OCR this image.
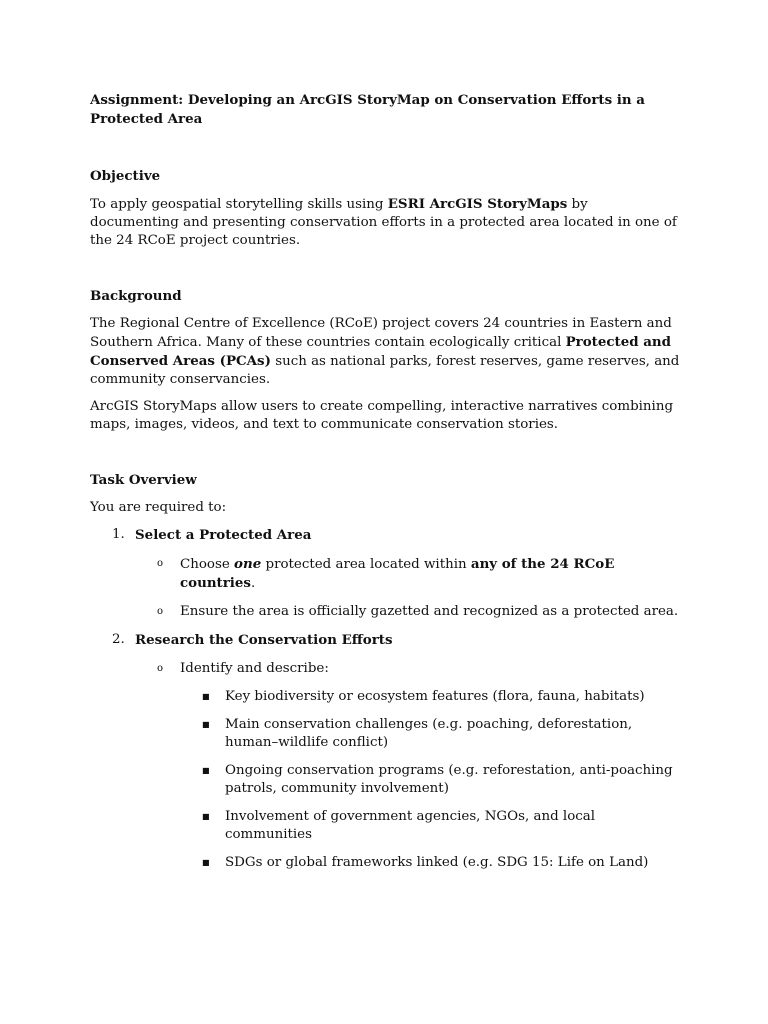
Assignment: Developing an ArcGIS StoryMap on Conservation Efforts in a Protected Area

Objective

To apply geospatial storytelling skills using ESRI ArcGIS StoryMaps by documenting and presenting conservation efforts in a protected area located in one of the 24 RCoE project countries.

Background

The Regional Centre of Excellence (RCoE) project covers 24 countries in Eastern and Southern Africa. Many of these countries contain ecologically critical Protected and Conserved Areas (PCAs) such as national parks, forest reserves, game reserves, and community conservancies.

ArcGIS StoryMaps allow users to create compelling, interactive narratives combining maps, images, videos, and text to communicate conservation stories.

Task Overview

You are required to:

1. Select a Protected Area
o Choose one protected area located within any of the 24 RCoE countries.
o Ensure the area is officially gazetted and recognized as a protected area.
2. Research the Conservation Efforts
o Identify and describe:
■ Key biodiversity or ecosystem features (flora, fauna, habitats)
■ Main conservation challenges (e.g. poaching, deforestation, human–wildlife conflict)
■ Ongoing conservation programs (e.g. reforestation, anti-poaching patrols, community involvement)
■ Involvement of government agencies, NGOs, and local communities
■ SDGs or global frameworks linked (e.g. SDG 15: Life on Land)
